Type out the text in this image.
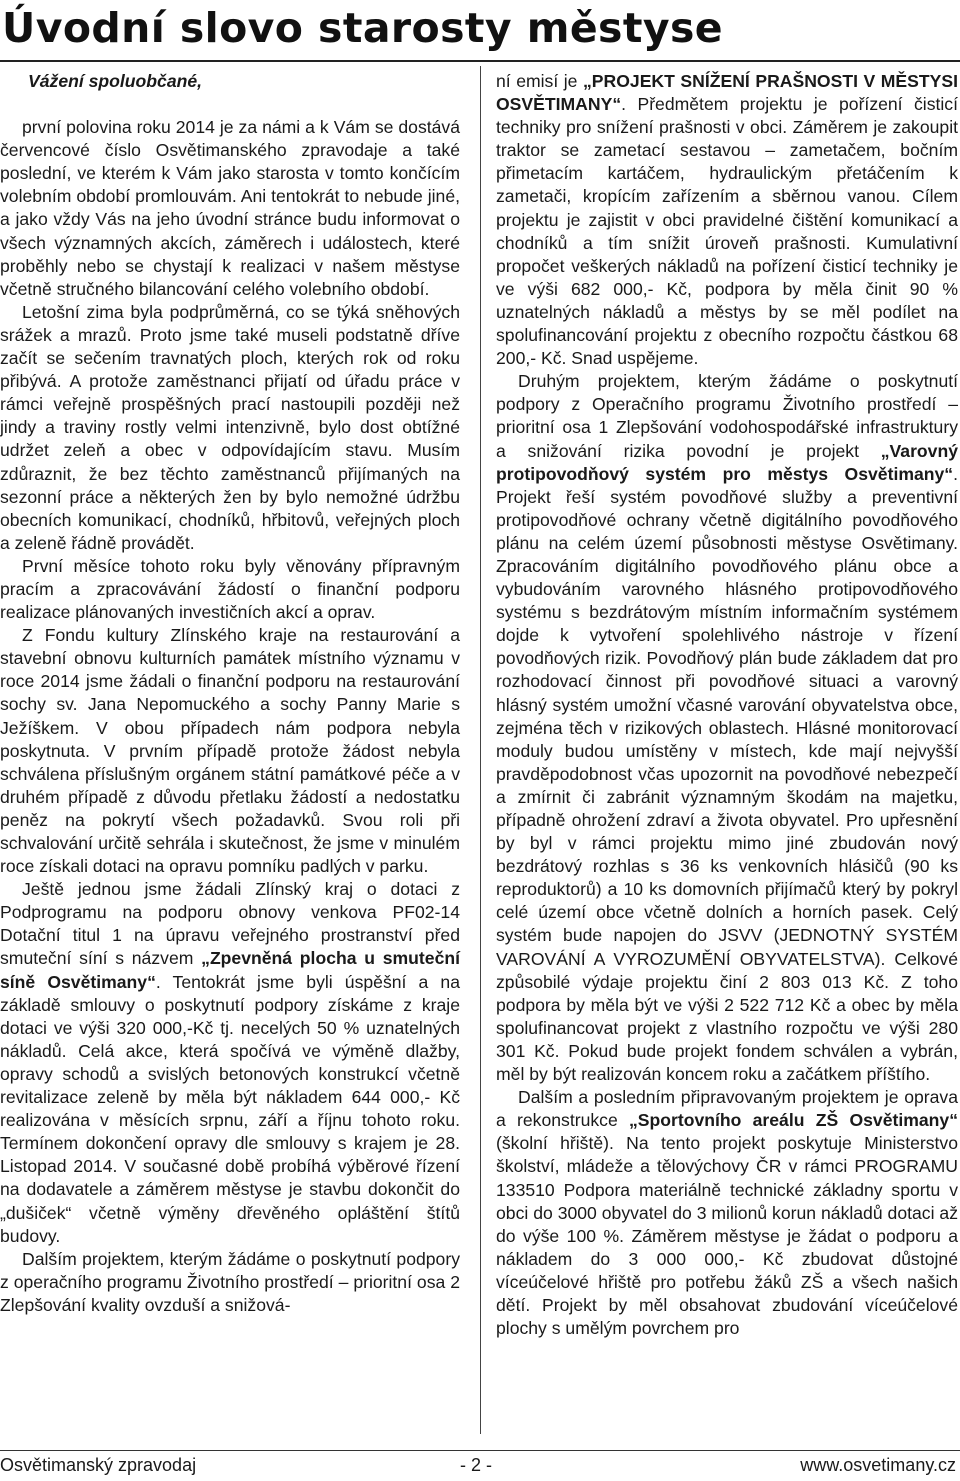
Úvodní slovo starosty městyse

Vážení spoluobčané,

první polovina roku 2014 je za námi a k Vám se dostává červencové číslo Osvětimanského zpravodaje a také poslední, ve kterém k Vám jako starosta v tomto končícím volebním období promlouvám. Ani tentokrát to nebude jiné, a jako vždy Vás na jeho úvodní stránce budu informovat o všech významných akcích, záměrech i událostech, které proběhly nebo se chystají k realizaci v našem městyse včetně stručného bilancování celého volebního období.

Letošní zima byla podprůměrná, co se týká sněhových srážek a mrazů. Proto jsme také museli podstatně dříve začít se sečením travnatých ploch, kterých rok od roku přibývá. A protože zaměstnanci přijatí od úřadu práce v rámci veřejně prospěšných prací nastoupili později než jindy a traviny rostly velmi intenzivně, bylo dost obtížné udržet zeleň a obec v odpovídajícím stavu. Musím zdůraznit, že bez těchto zaměstnanců přijímaných na sezonní práce a některých žen by bylo nemožné údržbu obecních komunikací, chodníků, hřbitovů, veřejných ploch a zeleně řádně provádět.

První měsíce tohoto roku byly věnovány přípravným pracím a zpracovávání žádostí o finanční podporu realizace plánovaných investičních akcí a oprav.

Z Fondu kultury Zlínského kraje na restaurování a stavební obnovu kulturních památek místního významu v roce 2014 jsme žádali o finanční podporu na restaurování sochy sv. Jana Nepomuckého a sochy Panny Marie s Ježíškem. V obou případech nám podpora nebyla poskytnuta. V prvním případě protože žádost nebyla schválena příslušným orgánem státní památkové péče a v druhém případě z důvodu přetlaku žádostí a nedostatku peněz na pokrytí všech požadavků. Svou roli při schvalování určitě sehrála i skutečnost, že jsme v minulém roce získali dotaci na opravu pomníku padlých v parku.

Ještě jednou jsme žádali Zlínský kraj o dotaci z Podprogramu na podporu obnovy venkova PF02-14 Dotační titul 1 na úpravu veřejného prostranství před smuteční síní s názvem „Zpevněná plocha u smuteční síně Osvětimany“. Tentokrát jsme byli úspěšní a na základě smlouvy o poskytnutí podpory získáme z kraje dotaci ve výši 320 000,-Kč tj. necelých 50 % uznatelných nákladů. Celá akce, která spočívá ve výměně dlažby, opravy schodů a svislých betonových konstrukcí včetně revitalizace zeleně by měla být nákladem 644 000,- Kč realizována v měsících srpnu, září a říjnu tohoto roku. Termínem dokončení opravy dle smlouvy s krajem je 28. Listopad 2014. V současné době probíhá výběrové řízení na dodavatele a záměrem městyse je stavbu dokončit do „dušiček“ včetně výměny dřevěného opláštění štítů budovy.

Dalším projektem, kterým žádáme o poskytnutí podpory z operačního programu Životního prostředí – prioritní osa 2 Zlepšování kvality ovzduší a snižová-

ní emisí je „PROJEKT SNÍŽENÍ PRAŠNOSTI V MĚSTYSI OSVĚTIMANY“. Předmětem projektu je pořízení čisticí techniky pro snížení prašnosti v obci. Záměrem je zakoupit traktor se zametací sestavou – zametačem, bočním přimetacím kartáčem, hydraulickým přetáčením k zametači, kropícím zařízením a sběrnou vanou. Cílem projektu je zajistit v obci pravidelné čištění komunikací a chodníků a tím snížit úroveň prašnosti. Kumulativní propočet veškerých nákladů na pořízení čisticí techniky je ve výši 682 000,- Kč, podpora by měla činit 90 % uznatelných nákladů a městys by se měl podílet na spolufinancování projektu z obecního rozpočtu částkou 68 200,- Kč. Snad uspějeme.

Druhým projektem, kterým žádáme o poskytnutí podpory z Operačního programu Životního prostředí – prioritní osa 1 Zlepšování vodohospodářské infrastruktury a snižování rizika povodní je projekt „Varovný protipovodňový systém pro městys Osvětimany“. Projekt řeší systém povodňové služby a preventivní protipovodňové ochrany včetně digitálního povodňového plánu na celém území působnosti městyse Osvětimany. Zpracováním digitálního povodňového plánu obce a vybudováním varovného hlásného protipovodňového systému s bezdrátovým místním informačním systémem dojde k vytvoření spolehlivého nástroje v řízení povodňových rizik. Povodňový plán bude základem dat pro rozhodovací činnost při povodňové situaci a varovný hlásný systém umožní včasné varování obyvatelstva obce, zejména těch v rizikových oblastech. Hlásné monitorovací moduly budou umístěny v místech, kde mají nejvyšší pravděpodobnost včas upozornit na povodňové nebezpečí a zmírnit či zabránit významným škodám na majetku, případně ohrožení zdraví a života obyvatel. Pro upřesnění by byl v rámci projektu mimo jiné zbudován nový bezdrátový rozhlas s 36 ks venkovních hlásičů (90 ks reproduktorů) a 10 ks domovních přijímačů který by pokryl celé území obce včetně dolních a horních pasek. Celý systém bude napojen do JSVV (JEDNOTNÝ SYSTÉM VAROVÁNÍ A VYROZUMĚNÍ OBYVATELSTVA). Celkové způsobilé výdaje projektu činí 2 803 013 Kč. Z toho podpora by měla být ve výši 2 522 712 Kč a obec by měla spolufinancovat projekt z vlastního rozpočtu ve výši 280 301 Kč. Pokud bude projekt fondem schválen a vybrán, měl by být realizován koncem roku a začátkem příštího.

Dalším a posledním připravovaným projektem je oprava a rekonstrukce „Sportovního areálu ZŠ Osvětimany“ (školní hřiště). Na tento projekt poskytuje Ministerstvo školství, mládeže a tělovýchovy ČR v rámci PROGRAMU 133510 Podpora materiálně technické základny sportu v obci do 3000 obyvatel do 3 milionů korun nákladů dotaci až do výše 100 %. Záměrem městyse je žádat o podporu a nákladem do 3 000 000,- Kč zbudovat důstojné víceúčelové hřiště pro potřebu žáků ZŠ a všech našich dětí. Projekt by měl obsahovat zbudování víceúčelové plochy s umělým povrchem pro

Osvětimanský zpravodaj	- 2 -	www.osvetimany.cz
